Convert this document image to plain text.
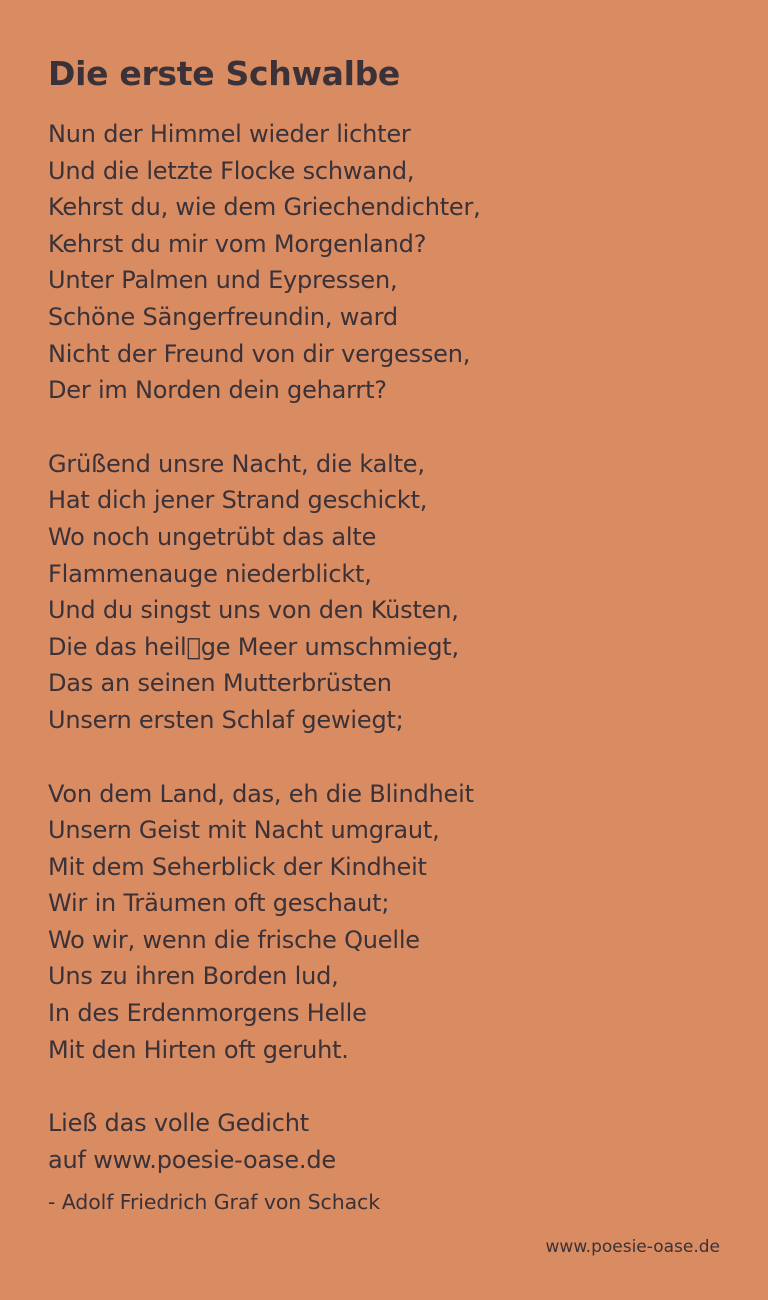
Die erste Schwalbe
Nun der Himmel wieder lichter
Und die letzte Flocke schwand,
Kehrst du, wie dem Griechendichter,
Kehrst du mir vom Morgenland?
Unter Palmen und Eypressen,
Schöne Sängerfreundin, ward
Nicht der Freund von dir vergessen,
Der im Norden dein geharrt?
Grüßend unsre Nacht, die kalte,
Hat dich jener Strand geschickt,
Wo noch ungetrübt das alte
Flammenauge niederblickt,
Und du singst uns von den Küsten,
Die das heil ge Meer umschmiegt,
Das an seinen Mutterbrüsten
Unsern ersten Schlaf gewiegt;
Von dem Land, das, eh die Blindheit
Unsern Geist mit Nacht umgraut,
Mit dem Seherblick der Kindheit
Wir in Träumen oft geschaut;
Wo wir, wenn die frische Quelle
Uns zu ihren Borden lud,
In des Erdenmorgens Helle
Mit den Hirten oft geruht.
Ließ das volle Gedicht
auf www.poesie-oase.de
- Adolf Friedrich Graf von Schack
www.poesie-oase.de
